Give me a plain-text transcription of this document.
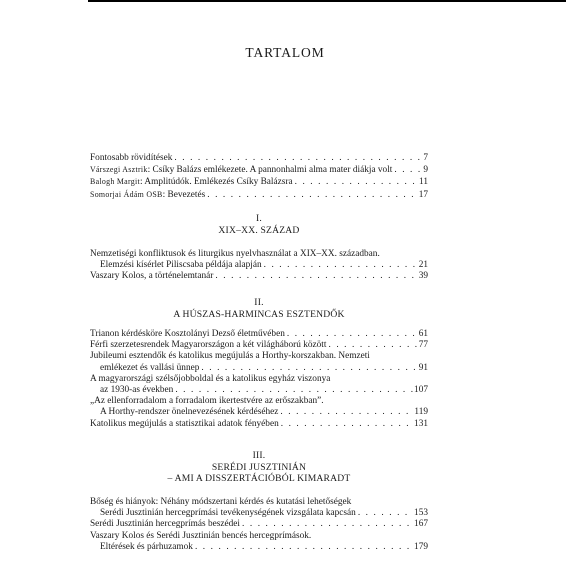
TARTALOM
Fontosabb rövidítések . . .	7
Várszegi Asztrik: Csíky Balázs emlékezete. A pannonhalmi alma mater diákja volt . . .	9
Balogh Margit: Amplitúdók. Emlékezés Csíky Balázsra . . .	11
Somorjai Ádám OSB: Bevezetés . . .	17
I.
XIX–XX. SZÁZAD
Nemzetiségi konfliktusok és liturgikus nyelvhasználat a XIX–XX. században.
Elemzési kísérlet Piliscsaba példája alapján . . .	21
Vaszary Kolos, a történelemtanár . . .	39
II.
A HÚSZAS-HARMINCAS ESZTENDŐK
Trianon kérdésköre Kosztolányi Dezső életművében . . .	61
Férfi szerzetesrendek Magyarországon a két világháború között . . .	77
Jubileumi esztendők és katolikus megújulás a Horthy-korszakban. Nemzeti
emlékezet és vallási ünnep . . .	91
A magyarországi szélsőjobboldal és a katolikus egyház viszonya
az 1930-as években . . .	107
„Az ellenforradalom a forradalom ikertestvére az erőszakban”.
A Horthy-rendszer önelnevezésének kérdéséhez . . .	119
Katolikus megújulás a statisztikai adatok fényében . . .	131
III.
SERÉDI JUSZTINIÁN
– AMI A DISSZERTÁCIÓBÓL KIMARADT
Bőség és hiányok: Néhány módszertani kérdés és kutatási lehetőségek
Serédi Jusztinián hercegprímási tevékenységének vizsgálata kapcsán . . .	153
Serédi Jusztinián hercegprímás beszédei . . .	167
Vaszary Kolos és Serédi Jusztinián bencés hercegprímások.
Eltérések és párhuzamok . . .	179
